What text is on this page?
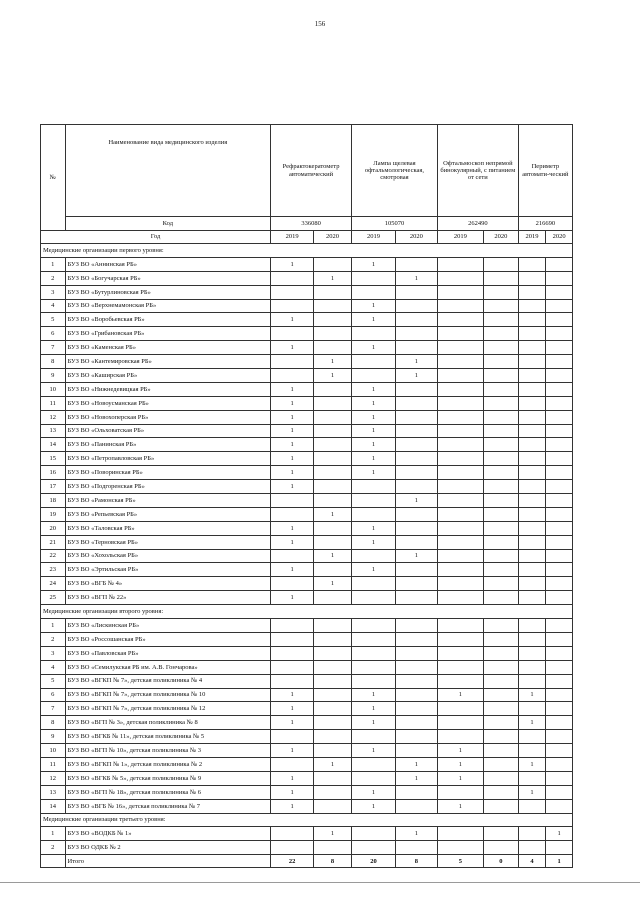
156
№	Наименование вида медицинского изделия	Рефрактокератометр автоматический		Лампа щелевая офтальмологическая, смотровая		Офтальмоскоп непрямой бинокулярный, с питанием от сети		Периметр автомати-ческий	
	Код	336080		105070		262490		216690	
Год		2019	2020	2019	2020	2019	2020	2019	2020
Медицинские организации первого уровня:									
1	БУЗ ВО «Аннинская РБ»	1		1					
2	БУЗ ВО «Богучарская РБ»		1		1				
3	БУЗ ВО «Бутурлиновская РБ»								
4	БУЗ ВО «Верхнемамонская РБ»			1					
5	БУЗ ВО «Воробьевская РБ»	1		1					
6	БУЗ ВО «Грибановская РБ»								
7	БУЗ ВО «Каменская РБ»	1		1					
8	БУЗ ВО «Кантемировская РБ»		1		1				
9	БУЗ ВО «Каширская РБ»		1		1				
10	БУЗ ВО «Нижнедевицкая РБ»	1		1					
11	БУЗ ВО «Новоусманская РБ»	1		1					
12	БУЗ ВО «Новохоперская РБ»	1		1					
13	БУЗ ВО «Ольховатская РБ»	1		1					
14	БУЗ ВО «Панинская РБ»	1		1					
15	БУЗ ВО «Петропавловская РБ»	1		1					
16	БУЗ ВО «Поворинская РБ»	1		1					
17	БУЗ ВО «Подгоренская РБ»	1							
18	БУЗ ВО «Рамонская РБ»				1				
19	БУЗ ВО «Репьевская РБ»		1						
20	БУЗ ВО «Таловская РБ»	1		1					
21	БУЗ ВО «Терновская РБ»	1		1					
22	БУЗ ВО «Хохольская РБ»		1		1				
23	БУЗ ВО «Эртильская РБ»	1		1					
24	БУЗ ВО «ВГБ № 4»		1						
25	БУЗ ВО «ВГП № 22»	1							
Медицинские организации второго уровня:									
1	БУЗ ВО «Лискинская РБ»								
2	БУЗ ВО «Россошанская РБ»								
3	БУЗ ВО «Павловская РБ»								
4	БУЗ ВО «Семилукская РБ им. А.В. Гончарова»								
5	БУЗ ВО «ВГКП № 7», детская поликлиника № 4								
6	БУЗ ВО «ВГКП № 7», детская поликлиника № 10	1		1		1		1	
7	БУЗ ВО «ВГКП № 7», детская поликлиника № 12	1		1					
8	БУЗ ВО «ВГП № 3», детская поликлиника № 8	1		1				1	
9	БУЗ ВО «ВГКБ № 11», детская поликлиника № 5								
10	БУЗ ВО «ВГП № 10», детская поликлиника № 3	1		1		1			
11	БУЗ ВО «ВГКП № 1», детская поликлиника № 2		1		1	1		1	
12	БУЗ ВО «ВГКБ № 5», детская поликлиника № 9	1			1	1			
13	БУЗ ВО «ВГП № 18», детская поликлиника № 6	1		1				1	
14	БУЗ ВО «ВГБ № 16», детская поликлиника № 7	1		1		1			
Медицинские организации третьего уровня:									
1	БУЗ ВО «ВОДКБ № 1»		1		1				1
2	БУЗ ВО ОДКБ № 2								
	Итого	22	8	20	8	5	0	4	1
